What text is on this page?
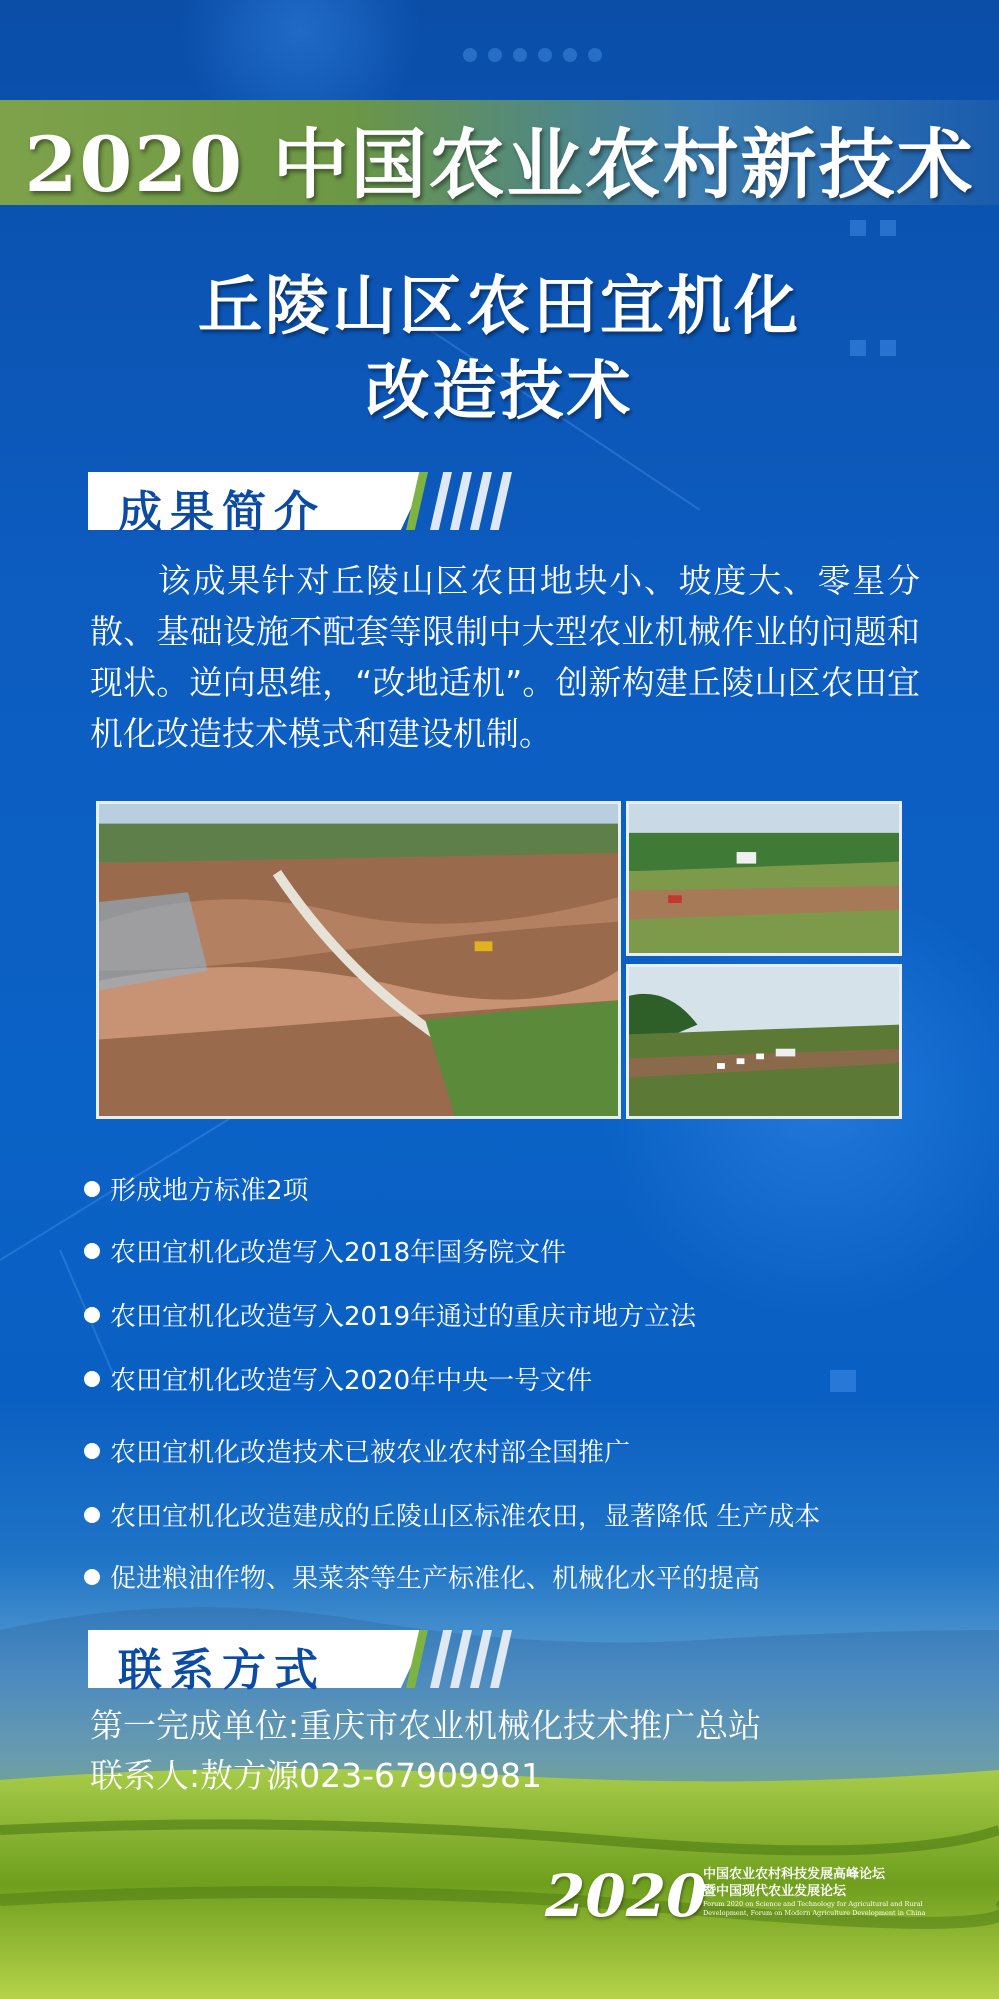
2020 中国农业农村新技术
丘陵山区农田宜机化
改造技术
成果简介

  该成果针对丘陵山区农田地块小、坡度大、零星分散、基础设施不配套等限制中大型农业机械作业的问题和现状。逆向思维，“改地适机”。创新构建丘陵山区农田宜机化改造技术模式和建设机制。

形成地方标准2项
农田宜机化改造写入2018年国务院文件
农田宜机化改造写入2019年通过的重庆市地方立法
农田宜机化改造写入2020年中央一号文件
农田宜机化改造技术已被农业农村部全国推广
农田宜机化改造建成的丘陵山区标准农田，显著降低 生产成本
促进粮油作物、果菜茶等生产标准化、机械化水平的提高
联系方式
第一完成单位:重庆市农业机械化技术推广总站
联系人:敖方源023-67909981
2020
中国农业农村科技发展高峰论坛
暨中国现代农业发展论坛
Forum 2020 on Science and Technology for Agricultural and Rural
Development, Forum on Modern Agriculture Development in China
